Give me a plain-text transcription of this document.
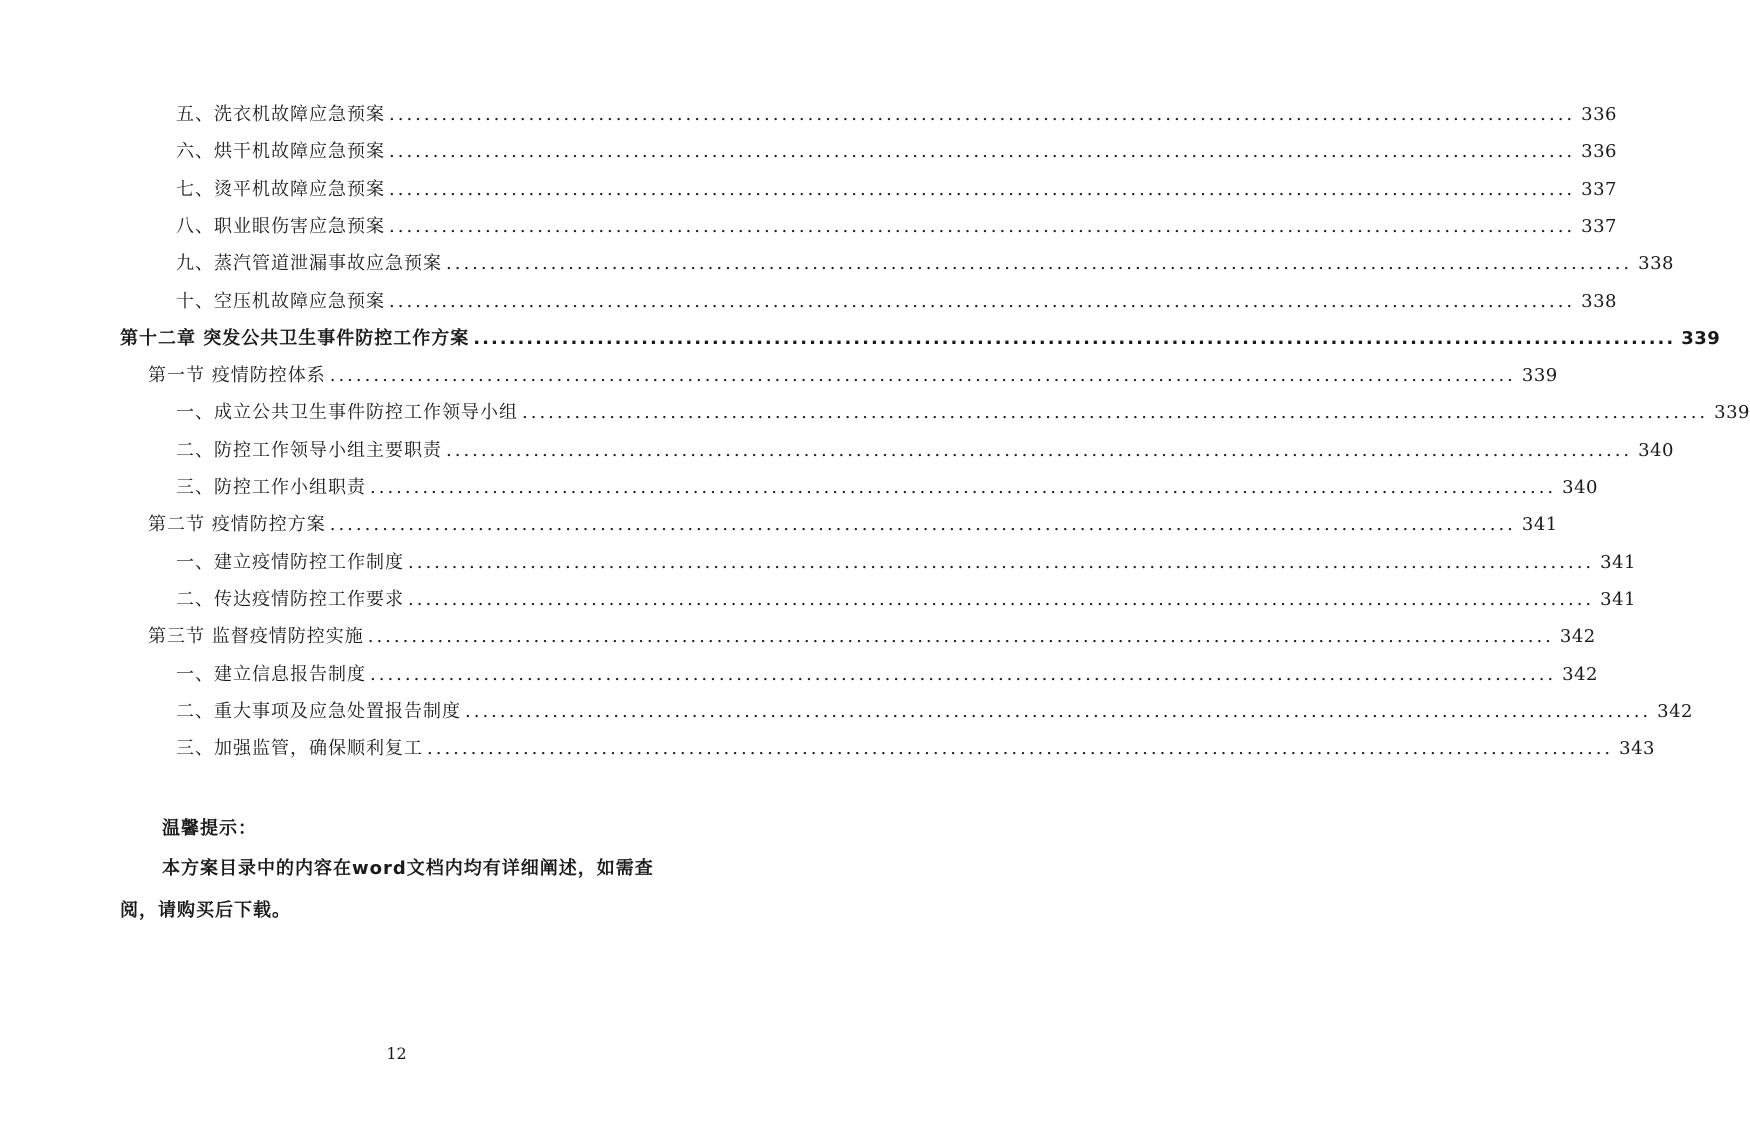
五、洗衣机故障应急预案 .....	336
六、烘干机故障应急预案 .....	336
七、烫平机故障应急预案 .....	337
八、职业眼伤害应急预案 .....	337
九、蒸汽管道泄漏事故应急预案 .....	338
十、空压机故障应急预案 .....	338
第十二章 突发公共卫生事件防控工作方案 .....	339
第一节 疫情防控体系 .....	339
一、成立公共卫生事件防控工作领导小组 .....	339
二、防控工作领导小组主要职责 .....	340
三、防控工作小组职责 .....	340
第二节 疫情防控方案 .....	341
一、建立疫情防控工作制度 .....	341
二、传达疫情防控工作要求 .....	341
第三节 监督疫情防控实施 .....	342
一、建立信息报告制度 .....	342
二、重大事项及应急处置报告制度 .....	342
三、加强监管，确保顺利复工 .....	343
温馨提示：
本方案目录中的内容在word文档内均有详细阐述，如需查阅，请购买后下载。
12
